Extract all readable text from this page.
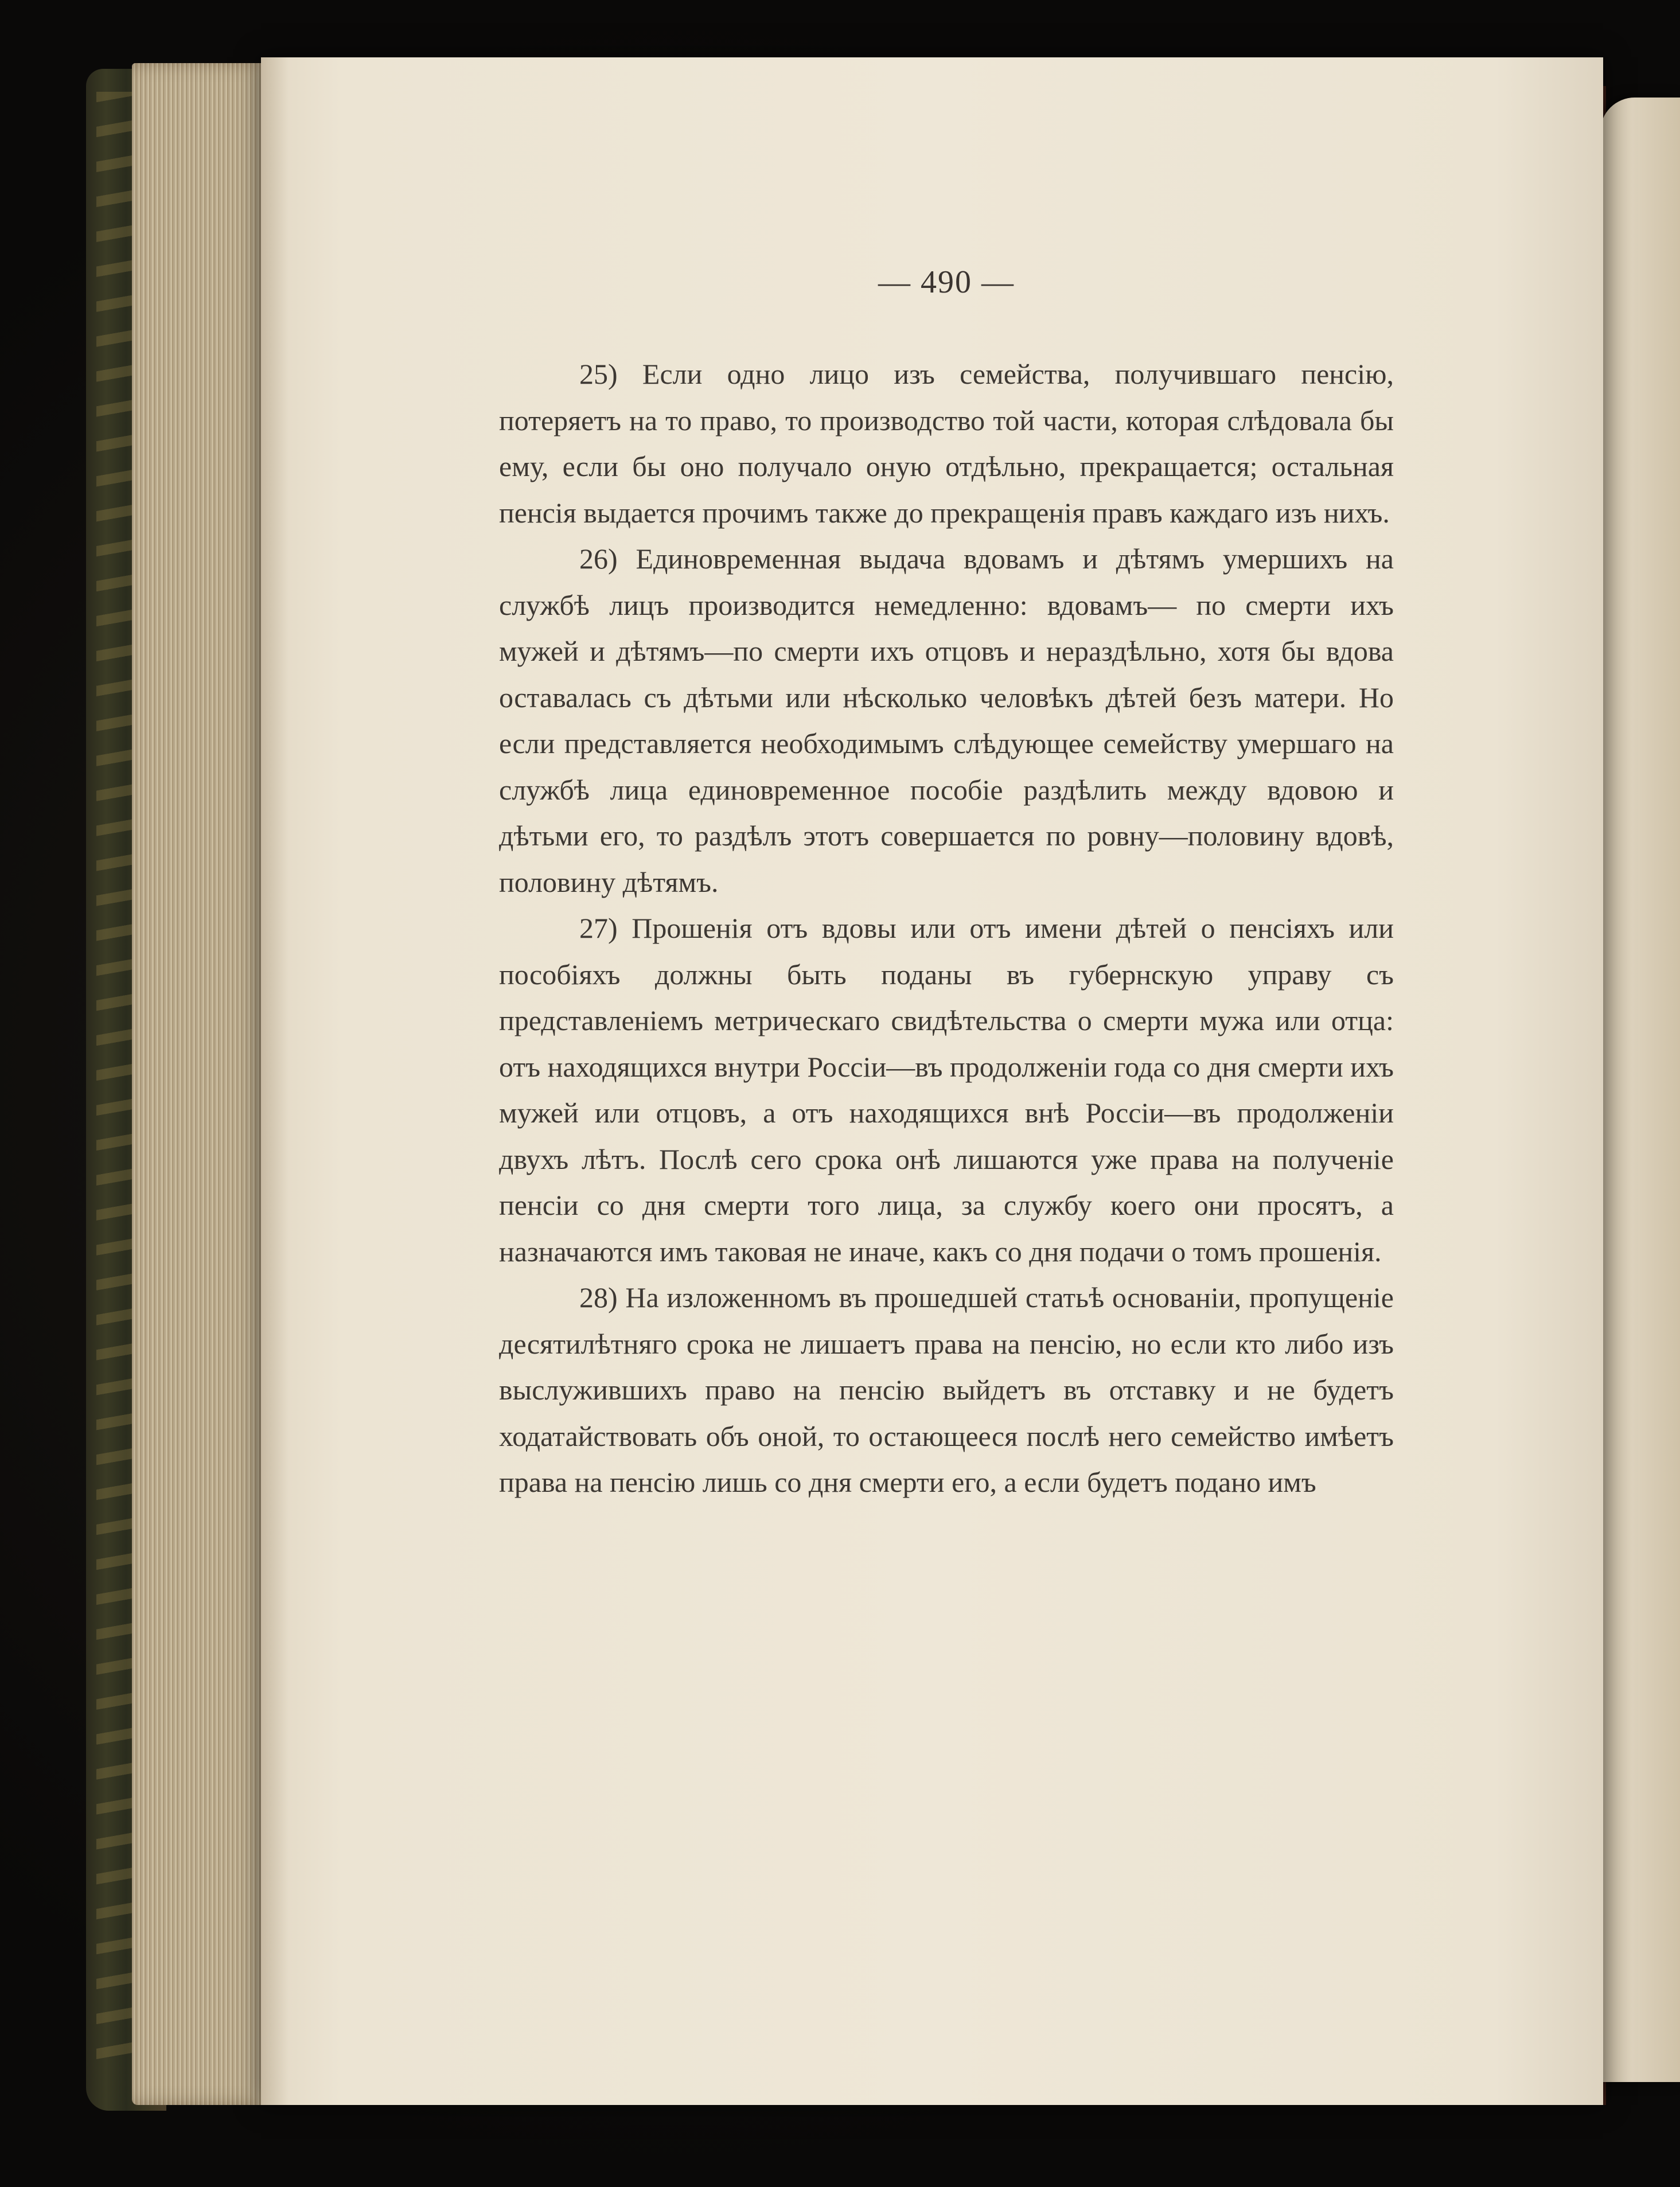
— 490 —

25) Если одно лицо изъ семейства, получившаго пенсію, потеряетъ на то право, то производство той части, которая слѣдовала бы ему, если бы оно получало оную отдѣльно, прекращается; остальная пенсія выдается прочимъ также до прекращенія правъ каждаго изъ нихъ.

26) Единовременная выдача вдовамъ и дѣтямъ умершихъ на службѣ лицъ производится немедленно: вдовамъ— по смерти ихъ мужей и дѣтямъ—по смерти ихъ отцовъ и нераздѣльно, хотя бы вдова оставалась съ дѣтьми или нѣсколько человѣкъ дѣтей безъ матери. Но если представляется необходимымъ слѣдующее семейству умершаго на службѣ лица единовременное пособіе раздѣлить между вдовою и дѣтьми его, то раздѣлъ этотъ совершается по ровну—половину вдовѣ, половину дѣтямъ.

27) Прошенія отъ вдовы или отъ имени дѣтей о пенсіяхъ или пособіяхъ должны быть поданы въ губернскую управу съ представленіемъ метрическаго свидѣтельства о смерти мужа или отца: отъ находящихся внутри Россіи—въ продолженіи года со дня смерти ихъ мужей или отцовъ, а отъ находящихся внѣ Россіи—въ продолженіи двухъ лѣтъ. Послѣ сего срока онѣ лишаются уже права на полученіе пенсіи со дня смерти того лица, за службу коего они просятъ, а назначаются имъ таковая не иначе, какъ со дня подачи о томъ прошенія.

28) На изложенномъ въ прошедшей статьѣ основаніи, пропущеніе десятилѣтняго срока не лишаетъ права на пенсію, но если кто либо изъ выслужившихъ право на пенсію выйдетъ въ отставку и не будетъ ходатайствовать объ оной, то остающееся послѣ него семейство имѣетъ права на пенсію лишь со дня смерти его, а если будетъ подано имъ
